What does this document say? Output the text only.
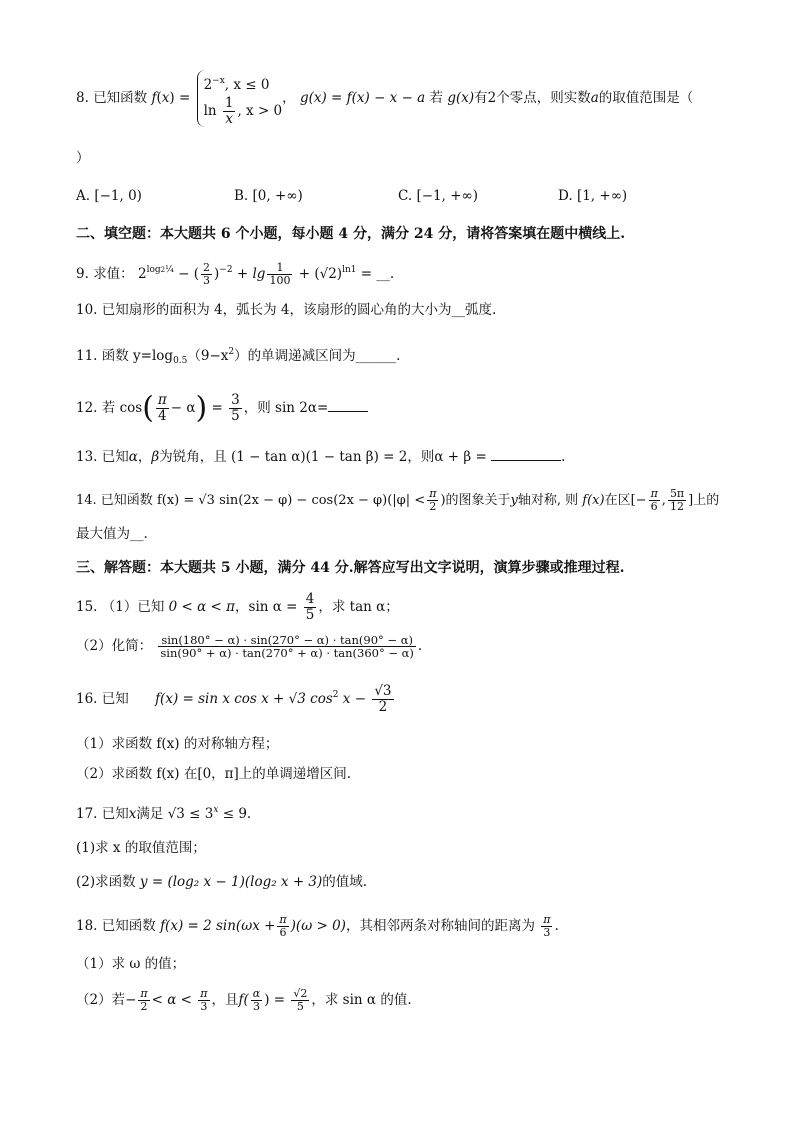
8. 已知函数 f(x) =
$2^{-x}$, x ≤ 0
$\ln \frac{1}{x}$ , x > 0
， g(x) = f(x) − x − a 若 g(x)有2个零点，则实数a的取值范围是（
）
A. [−1, 0)	B. [0, +∞)	C. [−1, +∞)	D. [1, +∞)
二、填空题：本大题共 6 个小题，每小题 4 分，满分 24 分，请将答案填在题中横线上.
9. 求值： $2^{log2\frac{1}{4}}$ − ( $\frac{2}{3} )^{-2} + \lg \frac{1}{100} + (√2)^{ln1}$ = __.
10. 已知扇形的面积为 4，弧长为 4，该扇形的圆心角的大小为__弧度.
11. 函数 $y=\log_{0.5}(9-x^2)$的单调递减区间为______.
12. 若 $\cos( \frac{\pi}{4} - \alpha) = \frac{3}{5}$ ，则 sin 2α=
13. 已知α，β为锐角，且 (1 − tan α)(1 − tan β) = 2，则α + β =	.
14. 已知函数 f(x) = √3 $\sin(2x - \varphi) - \cos(2x - \varphi)(|\varphi| < \frac{\pi}{2}$ )的图象关于y轴对称, 则 f(x)在区[− $\frac{\pi}{6}$ , $\frac{5\pi}{12}$ ]上的
最大值为__.
三、解答题：本大题共 5 小题，满分 44 分.解答应写出文字说明，演算步骤或推理过程.
15. （1）已知 0 < α < π，$\sin \alpha = \frac{4}{5}$ ，求 tan α；
（2）化简： $\frac{\sin(180^\circ - \alpha) \cdot \sin(270^\circ - \alpha) \cdot \tan(90^\circ - \alpha)}{\sin(90^\circ + \alpha) \cdot \tan(270^\circ + \alpha) \cdot \tan(360^\circ - \alpha)}$ .
16. 已知 f(x) = sin x cos x + √3 $\cos^2 x - \frac{√3}{2}$
（1）求函数 f(x) 的对称轴方程；
（2）求函数 f(x) 在[0，π]上的单调递增区间.
17. 已知x满足 $√3 \le 3^x \le 9$.
(1)求 x 的取值范围；
(2)求函数 y = (log₂ x − 1)(log₂ x + 3)的值域.
18. 已知函数 f(x) = 2 $\sin(\omega x + \frac{\pi}{6} )(\omega > 0)$，其相邻两条对称轴间的距离为 $\frac{\pi}{3}$ .
（1）求 ω 的值；
（2）若− $\frac{\pi}{2} < \alpha < \frac{\pi}{3}$ ，且$f( \frac{\alpha}{3}$ ) = $\frac{√2}{5}$ ，求 sin α 的值.
